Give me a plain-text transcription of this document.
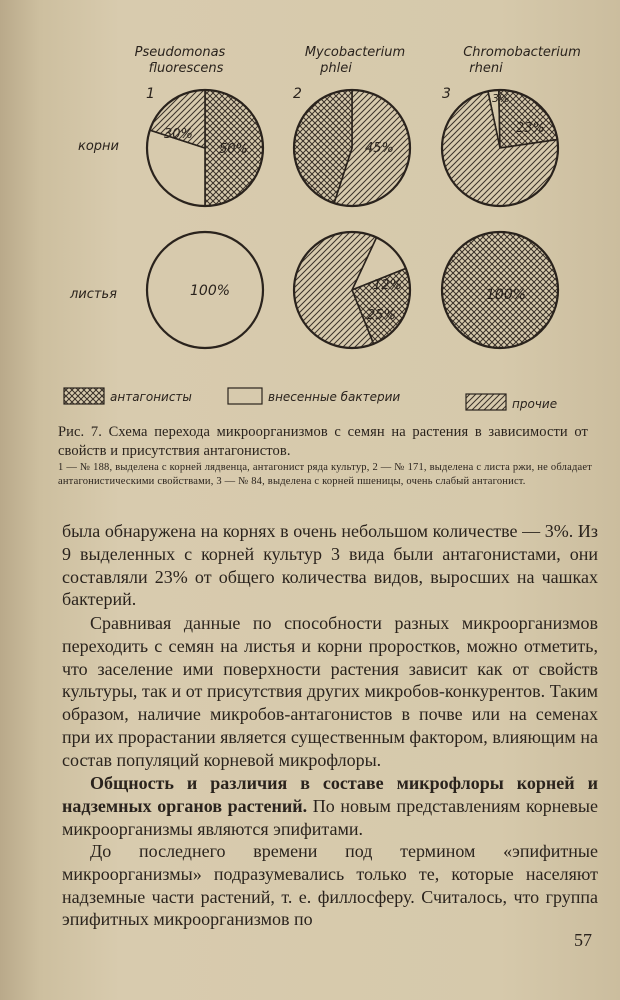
Pseudomonas
fluorescens
Mycobacterium
phlei
Chromobacterium
rheni
1	2	3
корни
листья
30%
50%	45%
3%
23%
100%	12%
25%
100%
антагонисты	внесенные бактерии	прочие
Рис. 7. Схема перехода микроорганизмов с семян на растения в зависимости от свойств и присутствия антагонистов.
1 — № 188, выделена с корней лядвенца, антагонист ряда культур, 2 — № 171, выделена с листа ржи, не обладает антагонистическими свойствами, 3 — № 84, выделена с корней пшеницы, очень слабый антагонист.

была обнаружена на корнях в очень небольшом количестве — 3%. Из 9 выделенных с корней культур 3 вида были антагонистами, они составляли 23% от общего количества видов, выросших на чашках бактерий.

Сравнивая данные по способности разных микроорганизмов переходить с семян на листья и корни проростков, можно отметить, что заселение ими поверхности растения зависит как от свойств культуры, так и от присутствия других микробов-конкурентов. Таким образом, наличие микробов-антагонистов в почве или на семенах при их прорастании является существенным фактором, влияющим на состав популяций корневой микрофлоры.

Общность и различия в составе микрофлоры корней и надземных органов растений. По новым представлениям корневые микроорганизмы являются эпифитами.

До последнего времени под термином «эпифитные микроорганизмы» подразумевались только те, которые населяют надземные части растений, т. е. филлосферу. Считалось, что группа эпифитных микроорганизмов по

57
